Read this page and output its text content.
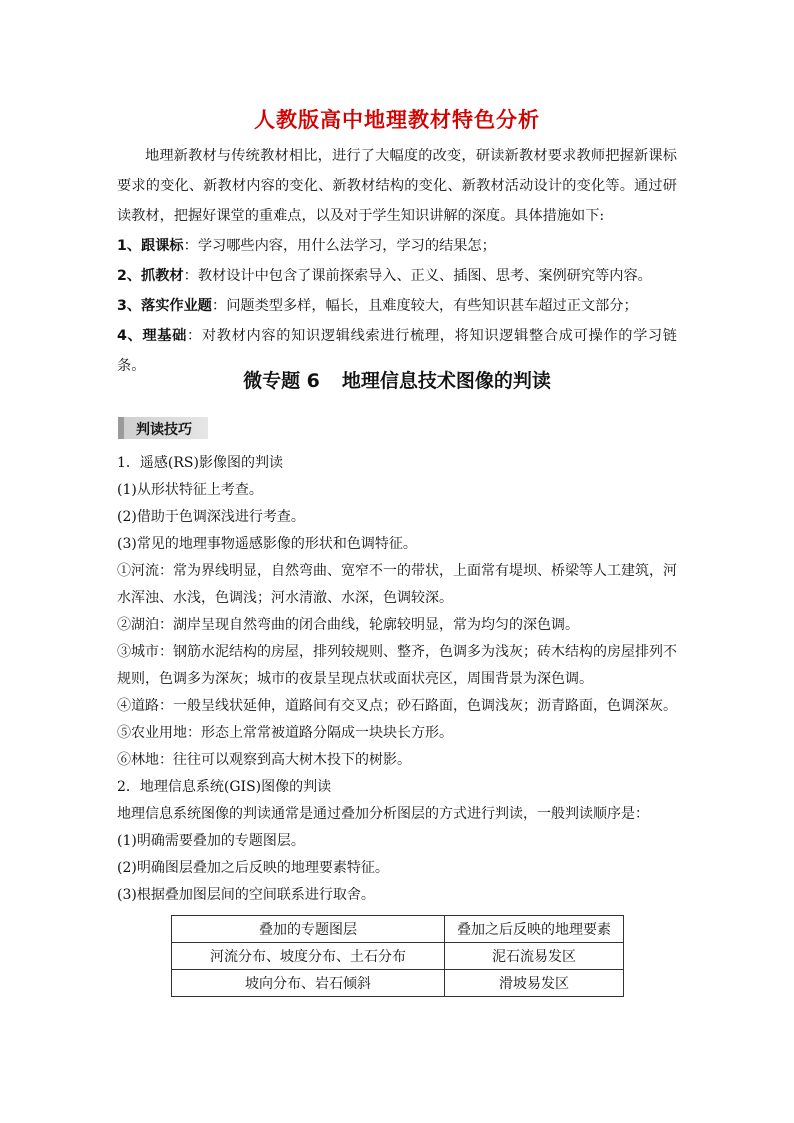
人教版高中地理教材特色分析

地理新教材与传统教材相比，进行了大幅度的改变，研读新教材要求教师把握新课标要求的变化、新教材内容的变化、新教材结构的变化、新教材活动设计的变化等。通过研读教材，把握好课堂的重难点，以及对于学生知识讲解的深度。具体措施如下:

1、跟课标：学习哪些内容，用什么法学习，学习的结果怎；

2、抓教材：教材设计中包含了课前探索导入、正义、插图、思考、案例研究等内容。

3、落实作业题：问题类型多样，幅长，且难度较大，有些知识甚车超过正文部分；

4、理基础：对教材内容的知识逻辑线索进行梳理，将知识逻辑整合成可操作的学习链条。

微专题 6 地理信息技术图像的判读
判读技巧

1．遥感(RS)影像图的判读

(1)从形状特征上考查。

(2)借助于色调深浅进行考查。

(3)常见的地理事物遥感影像的形状和色调特征。

①河流：常为界线明显，自然弯曲、宽窄不一的带状，上面常有堤坝、桥梁等人工建筑，河

水浑浊、水浅，色调浅；河水清澈、水深，色调较深。

②湖泊：湖岸呈现自然弯曲的闭合曲线，轮廓较明显，常为均匀的深色调。

③城市：钢筋水泥结构的房屋，排列较规则、整齐，色调多为浅灰；砖木结构的房屋排列不

规则，色调多为深灰；城市的夜景呈现点状或面状亮区，周围背景为深色调。

④道路：一般呈线状延伸，道路间有交叉点；砂石路面，色调浅灰；沥青路面，色调深灰。

⑤农业用地：形态上常常被道路分隔成一块块长方形。

⑥林地：往往可以观察到高大树木投下的树影。

2．地理信息系统(GIS)图像的判读

地理信息系统图像的判读通常是通过叠加分析图层的方式进行判读，一般判读顺序是：

(1)明确需要叠加的专题图层。

(2)明确图层叠加之后反映的地理要素特征。

(3)根据叠加图层间的空间联系进行取舍。

叠加的专题图层	叠加之后反映的地理要素
河流分布、坡度分布、土石分布	泥石流易发区
坡向分布、岩石倾斜	滑坡易发区
